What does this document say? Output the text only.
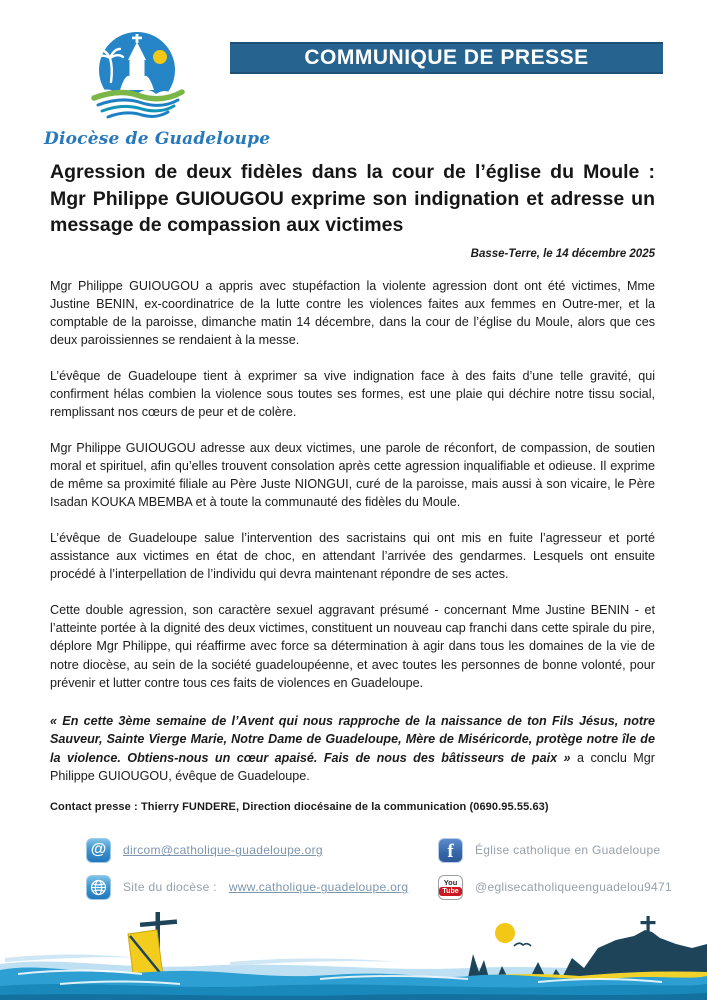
Diocèse de Guadeloupe
COMMUNIQUE DE PRESSE
Agression de deux fidèles dans la cour de l’église du Moule : Mgr Philippe GUIOUGOU exprime son indignation et adresse un message de compassion aux victimes
Basse-Terre, le 14 décembre 2025

Mgr Philippe GUIOUGOU a appris avec stupéfaction la violente agression dont ont été victimes, Mme Justine BENIN, ex-coordinatrice de la lutte contre les violences faites aux femmes en Outre-mer, et la comptable de la paroisse, dimanche matin 14 décembre, dans la cour de l’église du Moule, alors que ces deux paroissiennes se rendaient à la messe.

L’évêque de Guadeloupe tient à exprimer sa vive indignation face à des faits d’une telle gravité, qui confirment hélas combien la violence sous toutes ses formes, est une plaie qui déchire notre tissu social, remplissant nos cœurs de peur et de colère.

Mgr Philippe GUIOUGOU adresse aux deux victimes, une parole de réconfort, de compassion, de soutien moral et spirituel, afin qu’elles trouvent consolation après cette agression inqualifiable et odieuse. Il exprime de même sa proximité filiale au Père Juste NIONGUI, curé de la paroisse, mais aussi à son vicaire, le Père Isadan KOUKA MBEMBA et à toute la communauté des fidèles du Moule.

L’évêque de Guadeloupe salue l’intervention des sacristains qui ont mis en fuite l’agresseur et porté assistance aux victimes en état de choc, en attendant l’arrivée des gendarmes. Lesquels ont ensuite procédé à l’interpellation de l’individu qui devra maintenant répondre de ses actes.

Cette double agression, son caractère sexuel aggravant présumé - concernant Mme Justine BENIN - et l’atteinte portée à la dignité des deux victimes, constituent un nouveau cap franchi dans cette spirale du pire, déplore Mgr Philippe, qui réaffirme avec force sa détermination à agir dans tous les domaines de la vie de notre diocèse, au sein de la société guadeloupéenne, et avec toutes les personnes de bonne volonté, pour prévenir et lutter contre tous ces faits de violences en Guadeloupe.

« En cette 3ème semaine de l’Avent qui nous rapproche de la naissance de ton Fils Jésus, notre Sauveur, Sainte Vierge Marie, Notre Dame de Guadeloupe, Mère de Miséricorde, protège notre île de la violence. Obtiens-nous un cœur apaisé. Fais de nous des bâtisseurs de paix » a conclu Mgr Philippe GUIOUGOU, évêque de Guadeloupe.

Contact presse : Thierry FUNDERE, Direction diocésaine de la communication (0690.95.55.63)
@ dircom@catholique-guadeloupe.org	f Église catholique en Guadeloupe
Site du diocèse : www.catholique-guadeloupe.org	You
Tube @eglisecatholiqueenguadelou9471
